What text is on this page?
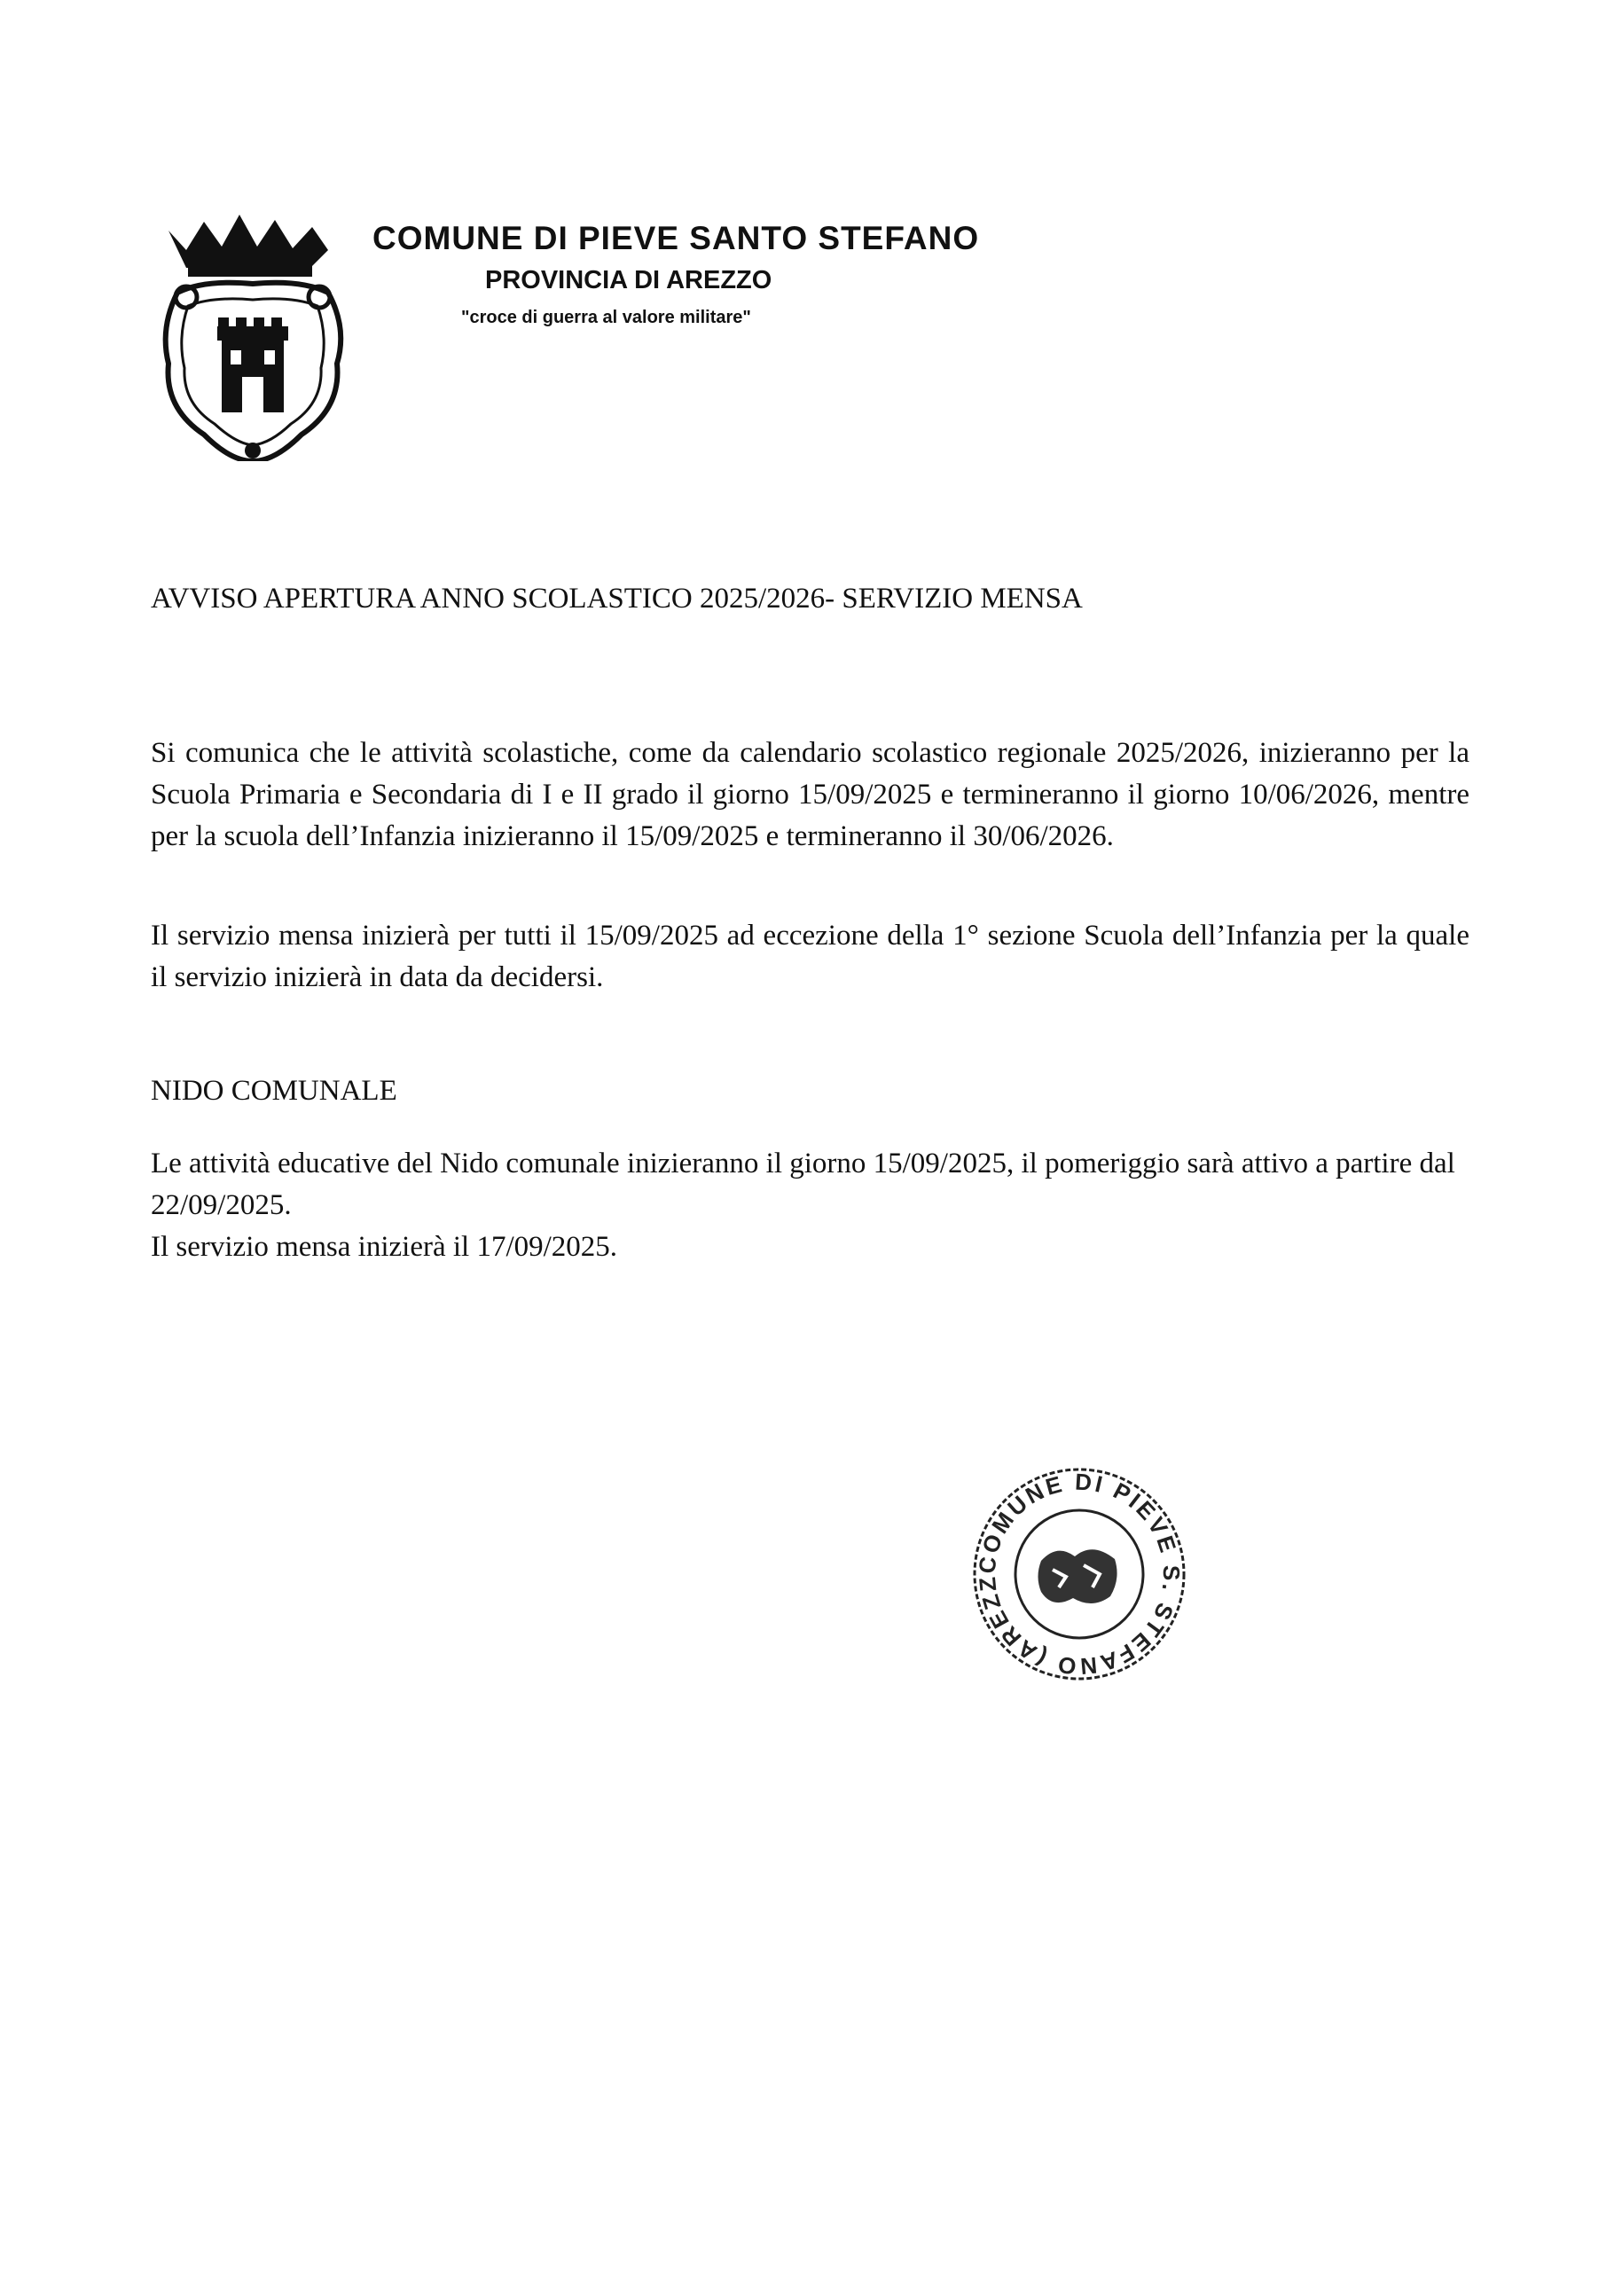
COMUNE DI PIEVE SANTO STEFANO
PROVINCIA DI AREZZO
"croce di guerra al valore militare"
AVVISO APERTURA ANNO SCOLASTICO 2025/2026- SERVIZIO MENSA
Si comunica che le attività scolastiche, come da calendario scolastico regionale 2025/2026, inizieranno per la Scuola Primaria e Secondaria di I e II grado il giorno 15/09/2025 e termineranno il giorno 10/06/2026, mentre per la scuola dell’Infanzia inizieranno il 15/09/2025 e termineranno il 30/06/2026.
Il servizio mensa inizierà per tutti il 15/09/2025 ad eccezione della 1° sezione Scuola dell’Infanzia per la quale il servizio inizierà in data da decidersi.
NIDO COMUNALE
Le attività educative del Nido comunale inizieranno il giorno 15/09/2025, il pomeriggio sarà attivo a partire dal 22/09/2025.
Il servizio mensa inizierà il 17/09/2025.
COMUNE DI PIEVE S. STEFANO (AREZZ
